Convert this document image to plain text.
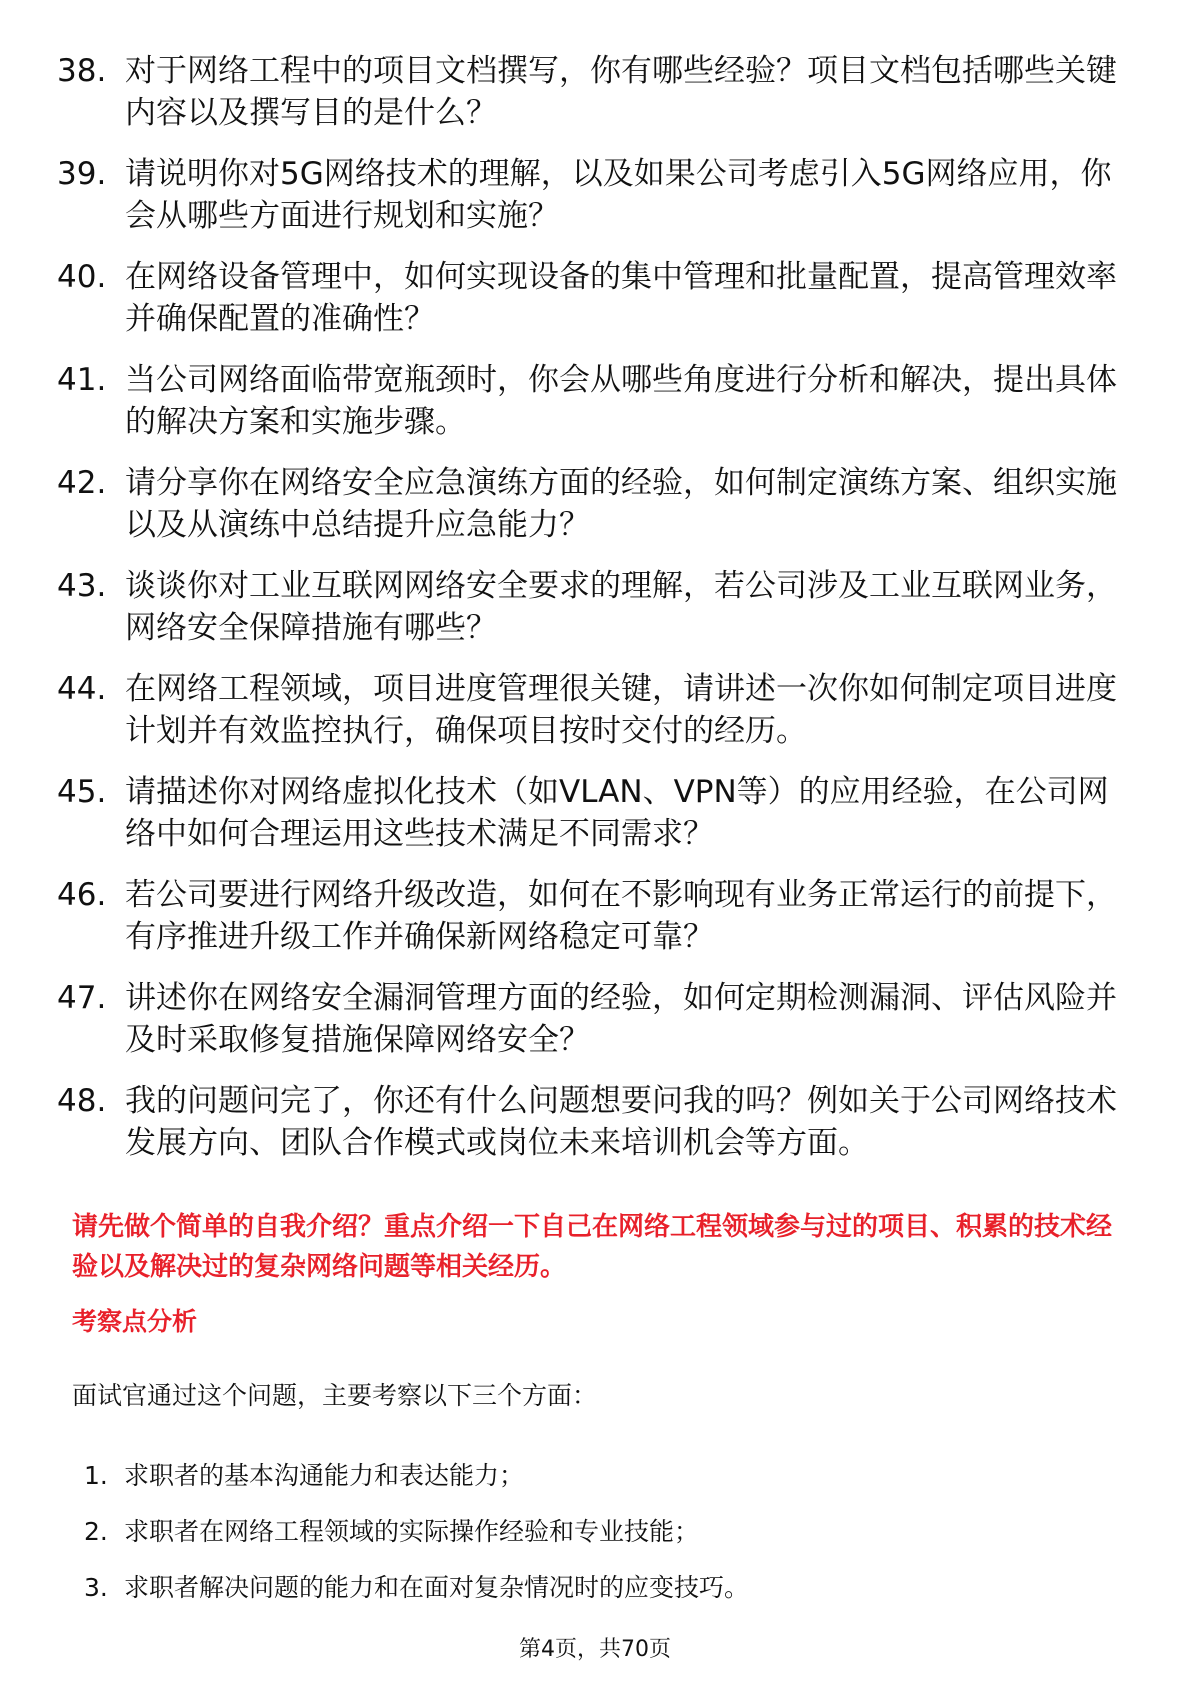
38. 对于网络工程中的项目文档撰写，你有哪些经验？项目文档包括哪些关键内容以及撰写目的是什么？
39. 请说明你对5G网络技术的理解，以及如果公司考虑引入5G网络应用，你会从哪些方面进行规划和实施？
40. 在网络设备管理中，如何实现设备的集中管理和批量配置，提高管理效率并确保配置的准确性？
41. 当公司网络面临带宽瓶颈时，你会从哪些角度进行分析和解决，提出具体的解决方案和实施步骤。
42. 请分享你在网络安全应急演练方面的经验，如何制定演练方案、组织实施以及从演练中总结提升应急能力？
43. 谈谈你对工业互联网网络安全要求的理解，若公司涉及工业互联网业务，网络安全保障措施有哪些？
44. 在网络工程领域，项目进度管理很关键，请讲述一次你如何制定项目进度计划并有效监控执行，确保项目按时交付的经历。
45. 请描述你对网络虚拟化技术（如VLAN、VPN等）的应用经验，在公司网络中如何合理运用这些技术满足不同需求？
46. 若公司要进行网络升级改造，如何在不影响现有业务正常运行的前提下，有序推进升级工作并确保新网络稳定可靠？
47. 讲述你在网络安全漏洞管理方面的经验，如何定期检测漏洞、评估风险并及时采取修复措施保障网络安全？
48. 我的问题问完了，你还有什么问题想要问我的吗？例如关于公司网络技术发展方向、团队合作模式或岗位未来培训机会等方面。
请先做个简单的自我介绍？重点介绍一下自己在网络工程领域参与过的项目、积累的技术经验以及解决过的复杂网络问题等相关经历。
考察点分析
面试官通过这个问题，主要考察以下三个方面：
1. 求职者的基本沟通能力和表达能力；
2. 求职者在网络工程领域的实际操作经验和专业技能；
3. 求职者解决问题的能力和在面对复杂情况时的应变技巧。
第4页，共70页
